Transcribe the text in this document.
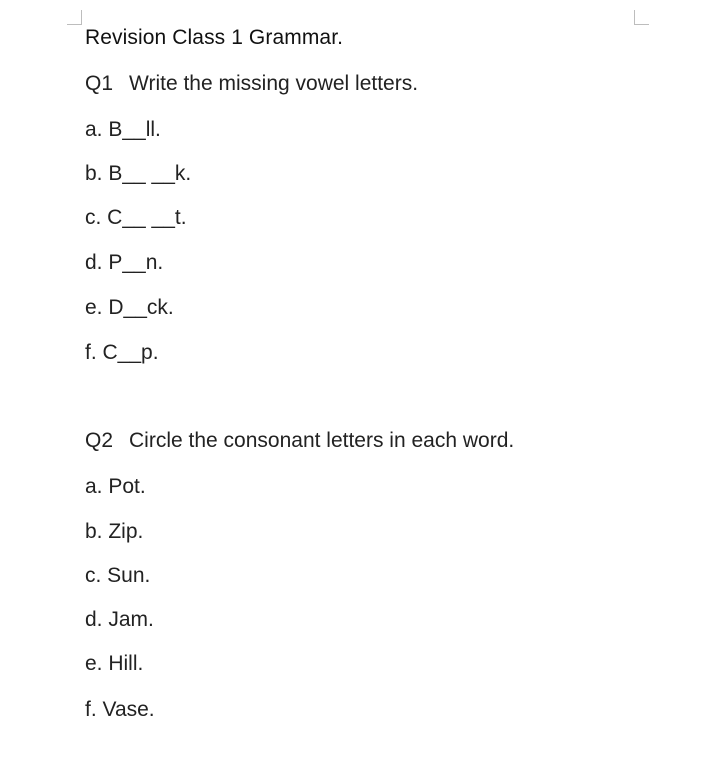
Revision Class 1 Grammar.
Q1 Write the missing vowel letters.
a. B__ll.
b. B__ __k.
c. C__ __t.
d. P__n.
e. D__ck.
f. C__p.
Q2 Circle the consonant letters in each word.
a. Pot.
b. Zip.
c. Sun.
d. Jam.
e. Hill.
f. Vase.
